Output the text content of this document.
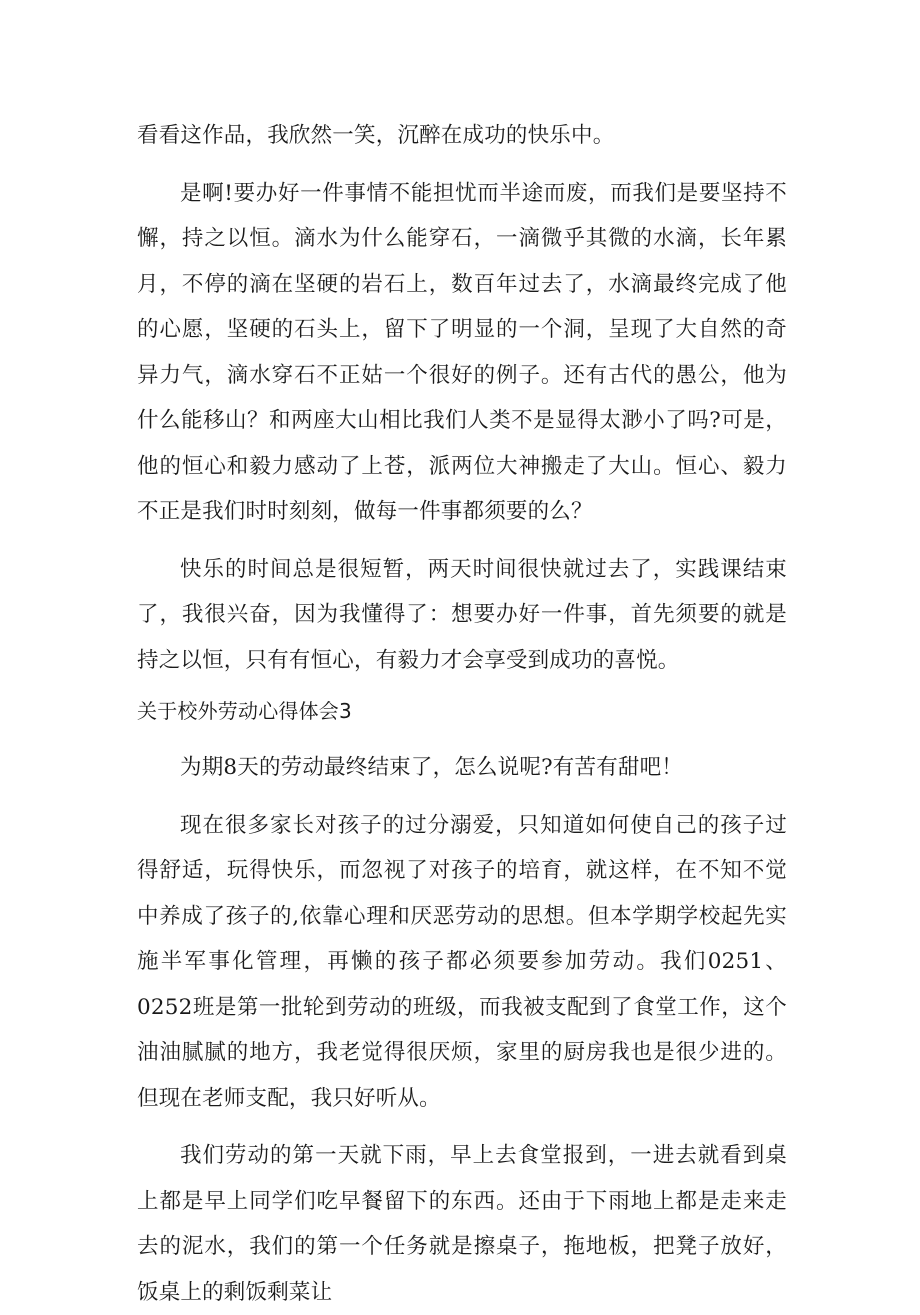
看看这作品，我欣然一笑，沉醉在成功的快乐中。

是啊!要办好一件事情不能担忧而半途而废，而我们是要坚持不懈，持之以恒。滴水为什么能穿石，一滴微乎其微的水滴，长年累月，不停的滴在坚硬的岩石上，数百年过去了，水滴最终完成了他的心愿，坚硬的石头上，留下了明显的一个洞，呈现了大自然的奇异力气，滴水穿石不正姑一个很好的例子。还有古代的愚公，他为什么能移山？和两座大山相比我们人类不是显得太渺小了吗?可是，他的恒心和毅力感动了上苍，派两位大神搬走了大山。恒心、毅力不正是我们时时刻刻，做每一件事都须要的么？

快乐的时间总是很短暂，两天时间很快就过去了，实践课结束了，我很兴奋，因为我懂得了：想要办好一件事，首先须要的就是持之以恒，只有有恒心，有毅力才会享受到成功的喜悦。

关于校外劳动心得体会3

为期8天的劳动最终结束了，怎么说呢?有苦有甜吧！

现在很多家长对孩子的过分溺爱，只知道如何使自己的孩子过得舒适，玩得快乐，而忽视了对孩子的培育，就这样，在不知不觉中养成了孩子的,依靠心理和厌恶劳动的思想。但本学期学校起先实施半军事化管理，再懒的孩子都必须要参加劳动。我们0251、0252班是第一批轮到劳动的班级，而我被支配到了食堂工作，这个油油腻腻的地方，我老觉得很厌烦，家里的厨房我也是很少进的。但现在老师支配，我只好听从。

我们劳动的第一天就下雨，早上去食堂报到，一进去就看到桌上都是早上同学们吃早餐留下的东西。还由于下雨地上都是走来走去的泥水，我们的第一个任务就是擦桌子，拖地板，把凳子放好，饭桌上的剩饭剩菜让
